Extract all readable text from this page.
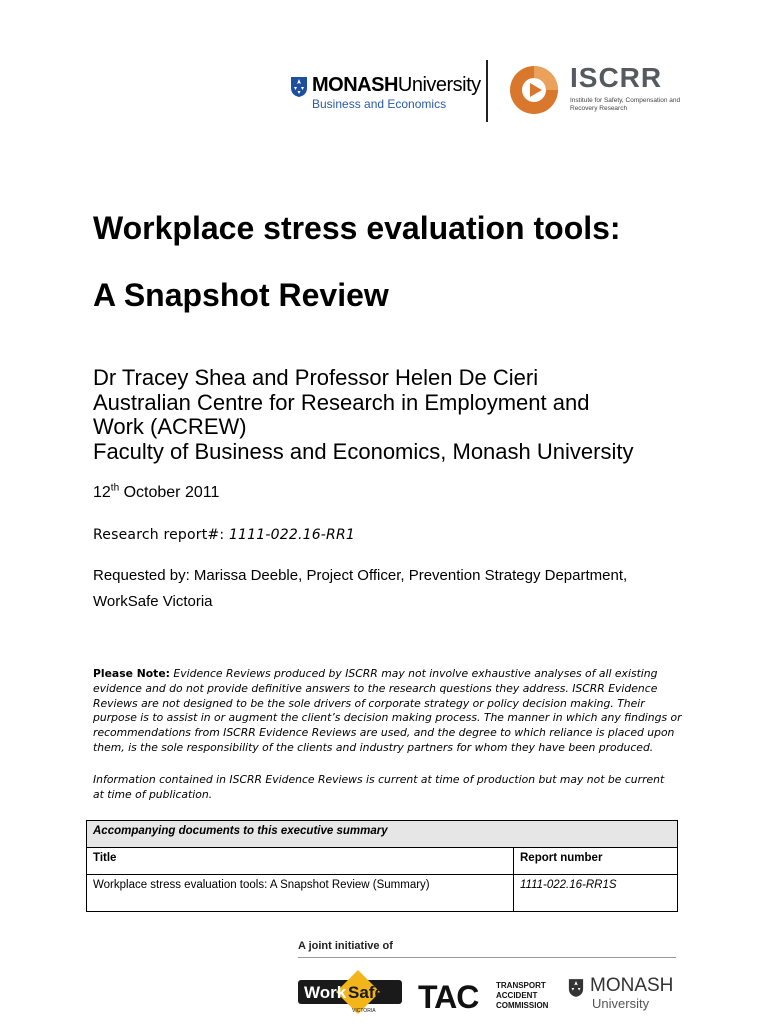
MONASHUniversity
Business and Economics
ISCRR
Institute for Safety, Compensation and Recovery Research
Workplace stress evaluation tools:
A Snapshot Review
Dr Tracey Shea and Professor Helen De Cieri
Australian Centre for Research in Employment and
Work (ACREW)
Faculty of Business and Economics, Monash University
12th October 2011
Research report#: 1111-022.16-RR1
Requested by: Marissa Deeble, Project Officer, Prevention Strategy Department,
WorkSafe Victoria
Please Note: Evidence Reviews produced by ISCRR may not involve exhaustive analyses of all existing evidence and do not provide definitive answers to the research questions they address. ISCRR Evidence Reviews are not designed to be the sole drivers of corporate strategy or policy decision making. Their purpose is to assist in or augment the client’s decision making process. The manner in which any findings or recommendations from ISCRR Evidence Reviews are used, and the degree to which reliance is placed upon them, is the sole responsibility of the clients and industry partners for whom they have been produced.
Information contained in ISCRR Evidence Reviews is current at time of production but may not be current at time of publication.
Accompanying documents to this executive summary	
Title	Report number
Workplace stress evaluation tools: A Snapshot Review (Summary)	1111-022.16-RR1S
A joint initiative of
Work Safe
VICTORIA TAC TRANSPORT
ACCIDENT
COMMISSION
MONASH
University
